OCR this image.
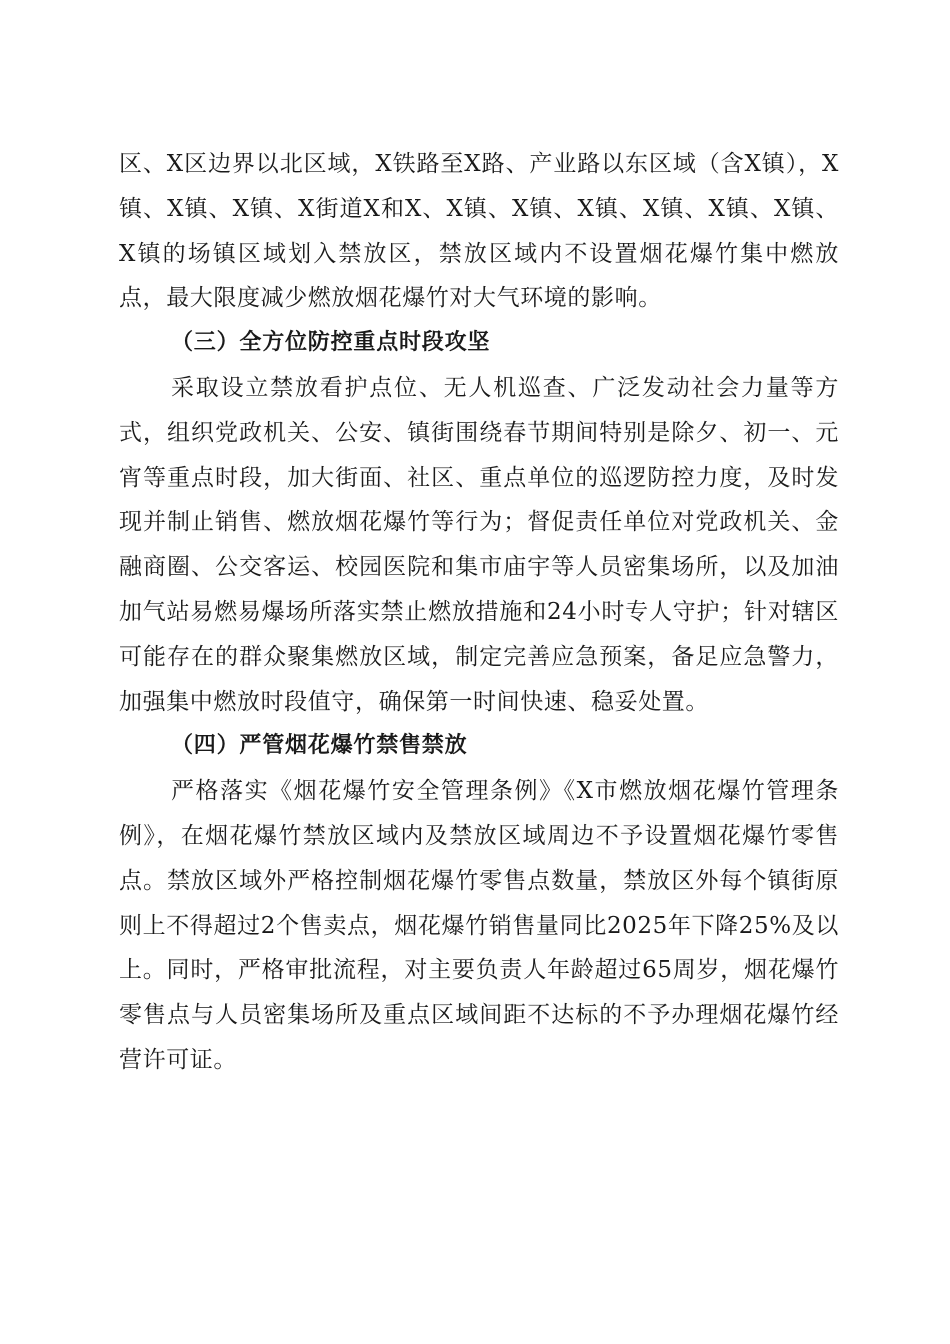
区、X区边界以北区域，X铁路至X路、产业路以东区域（含X镇），X镇、X镇、X镇、X街道X和X、X镇、X镇、X镇、X镇、X镇、X镇、X镇的场镇区域划入禁放区，禁放区域内不设置烟花爆竹集中燃放点，最大限度减少燃放烟花爆竹对大气环境的影响。

（三）全方位防控重点时段攻坚

采取设立禁放看护点位、无人机巡查、广泛发动社会力量等方式，组织党政机关、公安、镇街围绕春节期间特别是除夕、初一、元宵等重点时段，加大街面、社区、重点单位的巡逻防控力度，及时发现并制止销售、燃放烟花爆竹等行为；督促责任单位对党政机关、金融商圈、公交客运、校园医院和集市庙宇等人员密集场所，以及加油加气站易燃易爆场所落实禁止燃放措施和24小时专人守护；针对辖区可能存在的群众聚集燃放区域，制定完善应急预案，备足应急警力，加强集中燃放时段值守，确保第一时间快速、稳妥处置。

（四）严管烟花爆竹禁售禁放

严格落实《烟花爆竹安全管理条例》《X市燃放烟花爆竹管理条例》，在烟花爆竹禁放区域内及禁放区域周边不予设置烟花爆竹零售点。禁放区域外严格控制烟花爆竹零售点数量，禁放区外每个镇街原则上不得超过2个售卖点，烟花爆竹销售量同比2025年下降25%及以上。同时，严格审批流程，对主要负责人年龄超过65周岁，烟花爆竹零售点与人员密集场所及重点区域间距不达标的不予办理烟花爆竹经营许可证。
